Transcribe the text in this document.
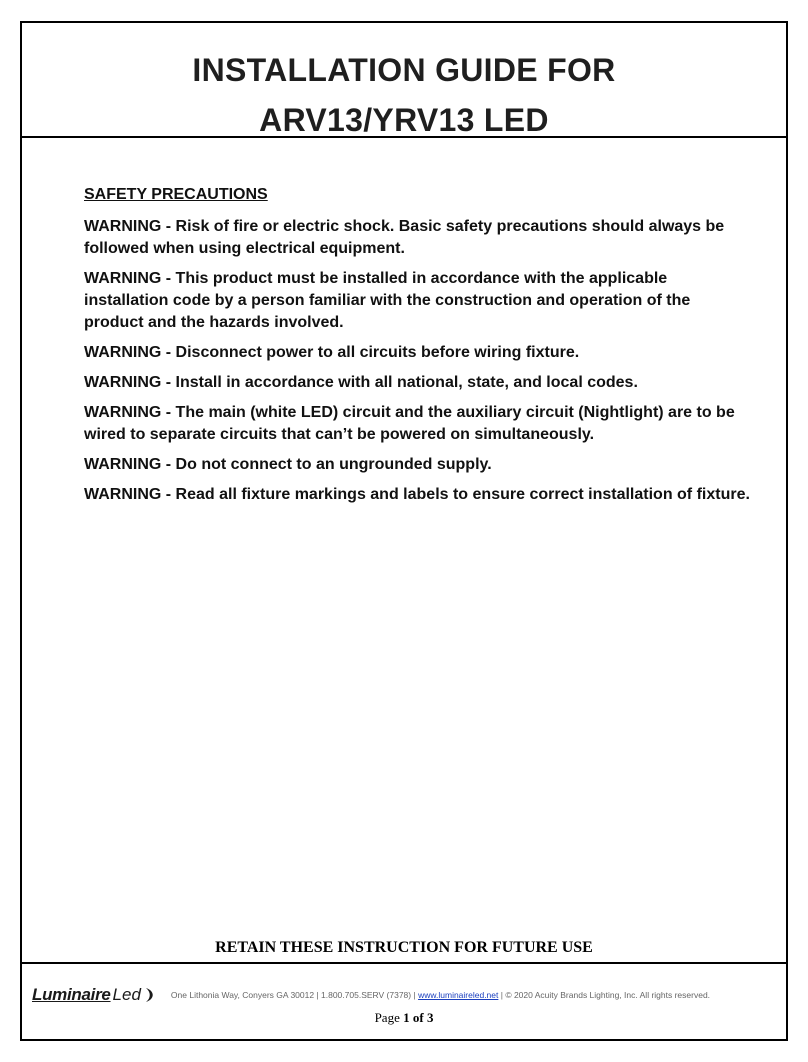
INSTALLATION GUIDE FOR
ARV13/YRV13 LED
SAFETY PRECAUTIONS

WARNING - Risk of fire or electric shock. Basic safety precautions should always be followed when using electrical equipment.

WARNING - This product must be installed in accordance with the applicable installation code by a person familiar with the construction and operation of the product and the hazards involved.

WARNING - Disconnect power to all circuits before wiring fixture.

WARNING - Install in accordance with all national, state, and local codes.

WARNING - The main (white LED) circuit and the auxiliary circuit (Nightlight) are to be wired to separate circuits that can’t be powered on simultaneously.

WARNING - Do not connect to an ungrounded supply.

WARNING - Read all fixture markings and labels to ensure correct installation of fixture.

RETAIN THESE INSTRUCTION FOR FUTURE USE
Luminaire Led	One Lithonia Way, Conyers GA 30012 | 1.800.705.SERV (7378) | www.luminaireled.net | © 2020 Acuity Brands Lighting, Inc. All rights reserved.
Page 1 of 3
